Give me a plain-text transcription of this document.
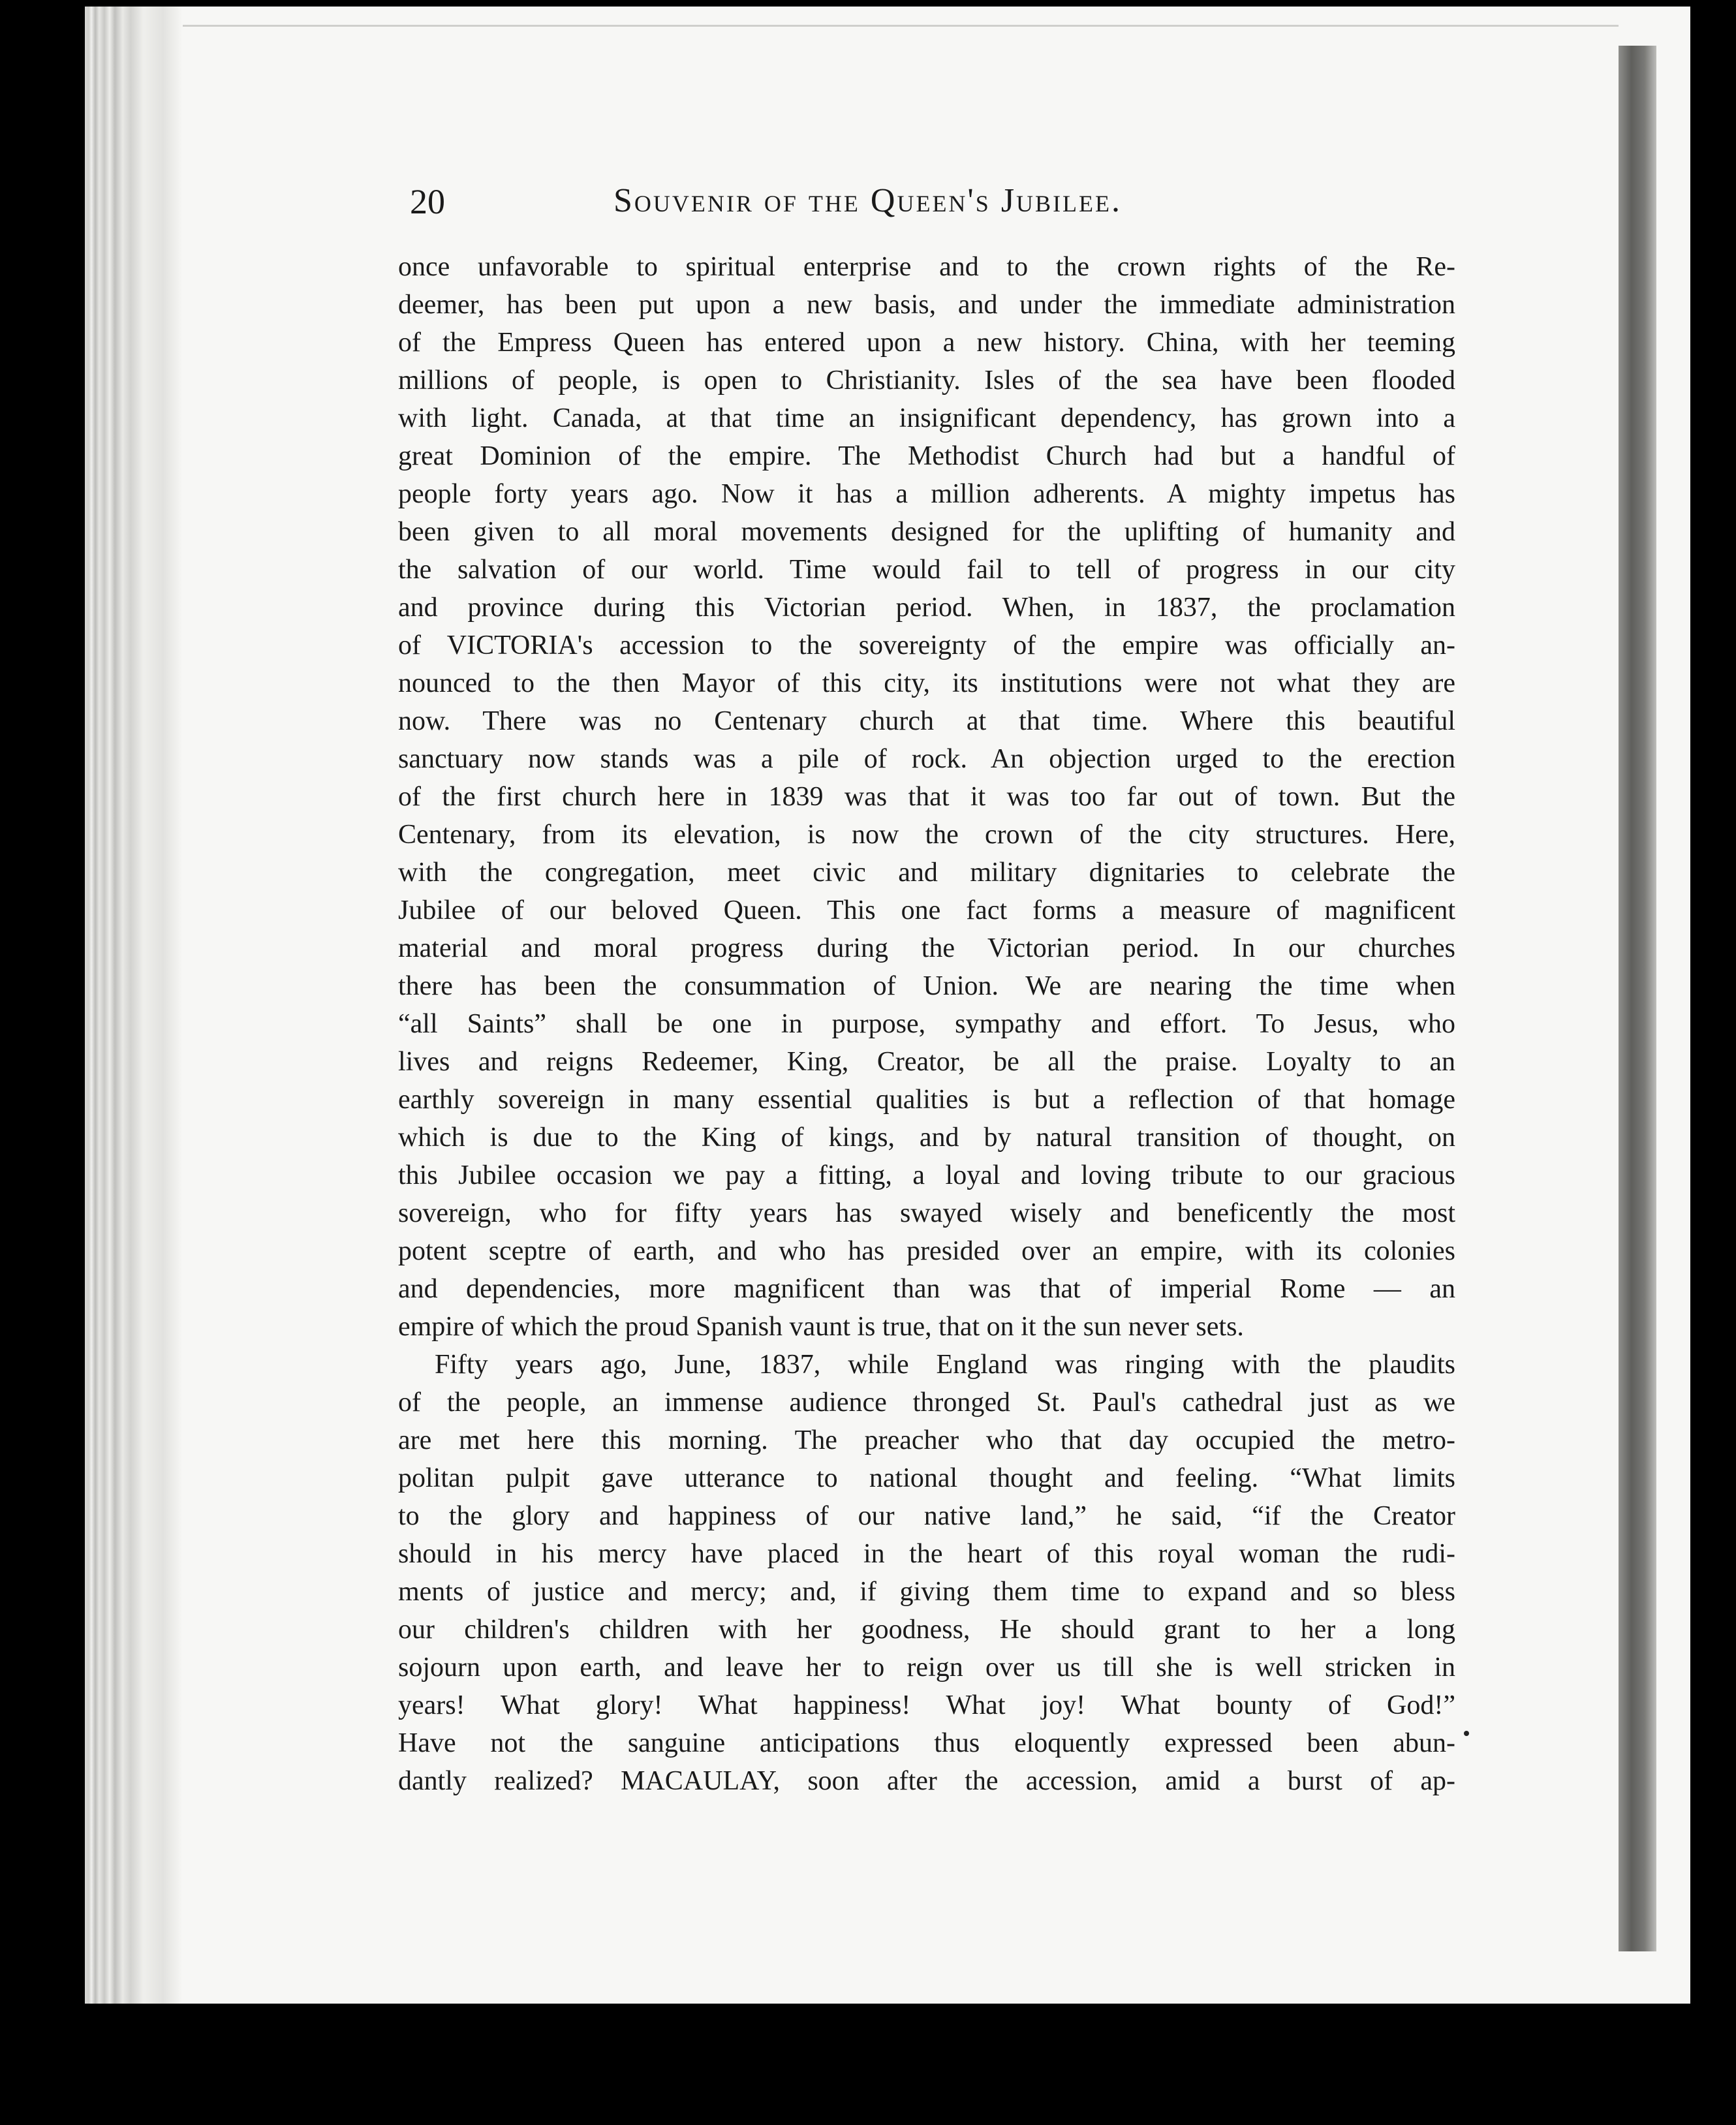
20	Souvenir of the Queen's Jubilee.
once unfavorable to spiritual enterprise and to the crown rights of the Re-
deemer, has been put upon a new basis, and under the immediate administration
of the Empress Queen has entered upon a new history. China, with her teeming
millions of people, is open to Christianity. Isles of the sea have been flooded
with light. Canada, at that time an insignificant dependency, has grown into a
great Dominion of the empire. The Methodist Church had but a handful of
people forty years ago. Now it has a million adherents. A mighty impetus has
been given to all moral movements designed for the uplifting of humanity and
the salvation of our world. Time would fail to tell of progress in our city
and province during this Victorian period. When, in 1837, the proclamation
of VICTORIA's accession to the sovereignty of the empire was officially an-
nounced to the then Mayor of this city, its institutions were not what they are
now. There was no Centenary church at that time. Where this beautiful
sanctuary now stands was a pile of rock. An objection urged to the erection
of the first church here in 1839 was that it was too far out of town. But the
Centenary, from its elevation, is now the crown of the city structures. Here,
with the congregation, meet civic and military dignitaries to celebrate the
Jubilee of our beloved Queen. This one fact forms a measure of magnificent
material and moral progress during the Victorian period. In our churches
there has been the consummation of Union. We are nearing the time when
“all Saints” shall be one in purpose, sympathy and effort. To Jesus, who
lives and reigns Redeemer, King, Creator, be all the praise. Loyalty to an
earthly sovereign in many essential qualities is but a reflection of that homage
which is due to the King of kings, and by natural transition of thought, on
this Jubilee occasion we pay a fitting, a loyal and loving tribute to our gracious
sovereign, who for fifty years has swayed wisely and beneficently the most
potent sceptre of earth, and who has presided over an empire, with its colonies
and dependencies, more magnificent than was that of imperial Rome — an
empire of which the proud Spanish vaunt is true, that on it the sun never sets.
Fifty years ago, June, 1837, while England was ringing with the plaudits
of the people, an immense audience thronged St. Paul's cathedral just as we
are met here this morning. The preacher who that day occupied the metro-
politan pulpit gave utterance to national thought and feeling. “What limits
to the glory and happiness of our native land,” he said, “if the Creator
should in his mercy have placed in the heart of this royal woman the rudi-
ments of justice and mercy; and, if giving them time to expand and so bless
our children's children with her goodness, He should grant to her a long
sojourn upon earth, and leave her to reign over us till she is well stricken in
years! What glory! What happiness! What joy! What bounty of God!”
Have not the sanguine anticipations thus eloquently expressed been abun-
dantly realized? MACAULAY, soon after the accession, amid a burst of ap-
